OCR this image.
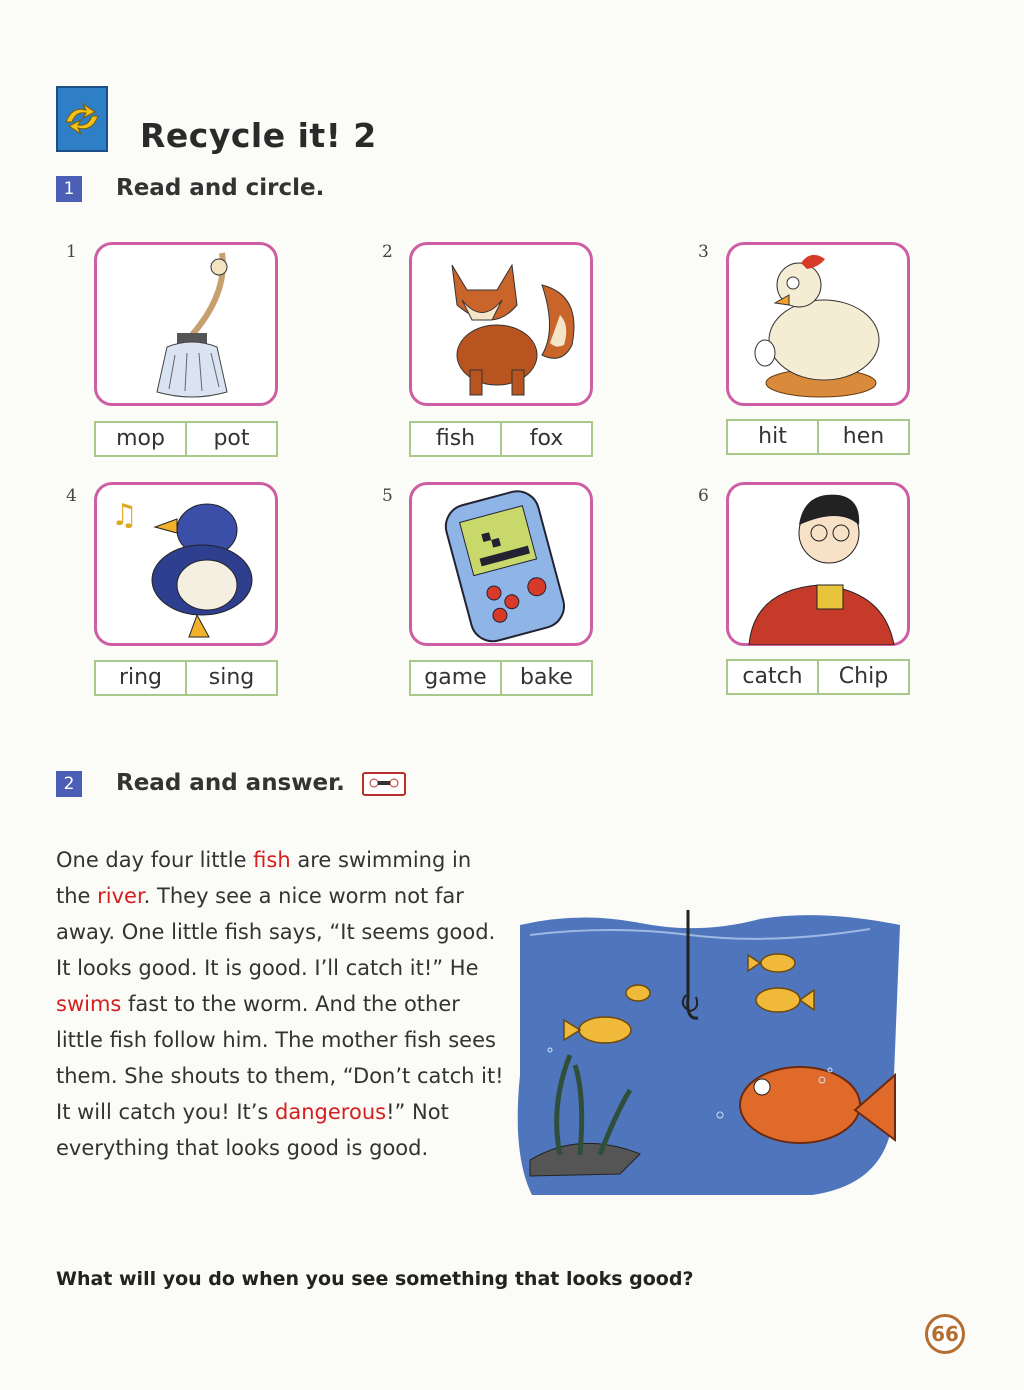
Recycle it! 2
1	Read and circle.
1
mop	pot
2
fish	fox
3
hit	hen
4
♫
ring	sing
5
game	bake
6
catch	Chip
2	Read and answer.
One day four little fish are swimming in the river. They see a nice worm not far away. One little fish says, “It seems good. It looks good. It is good. I’ll catch it!” He swims fast to the worm. And the other little fish follow him. The mother fish sees them. She shouts to them, “Don’t catch it! It will catch you! It’s dangerous!” Not everything that looks good is good.
What will you do when you see something that looks good?
66
